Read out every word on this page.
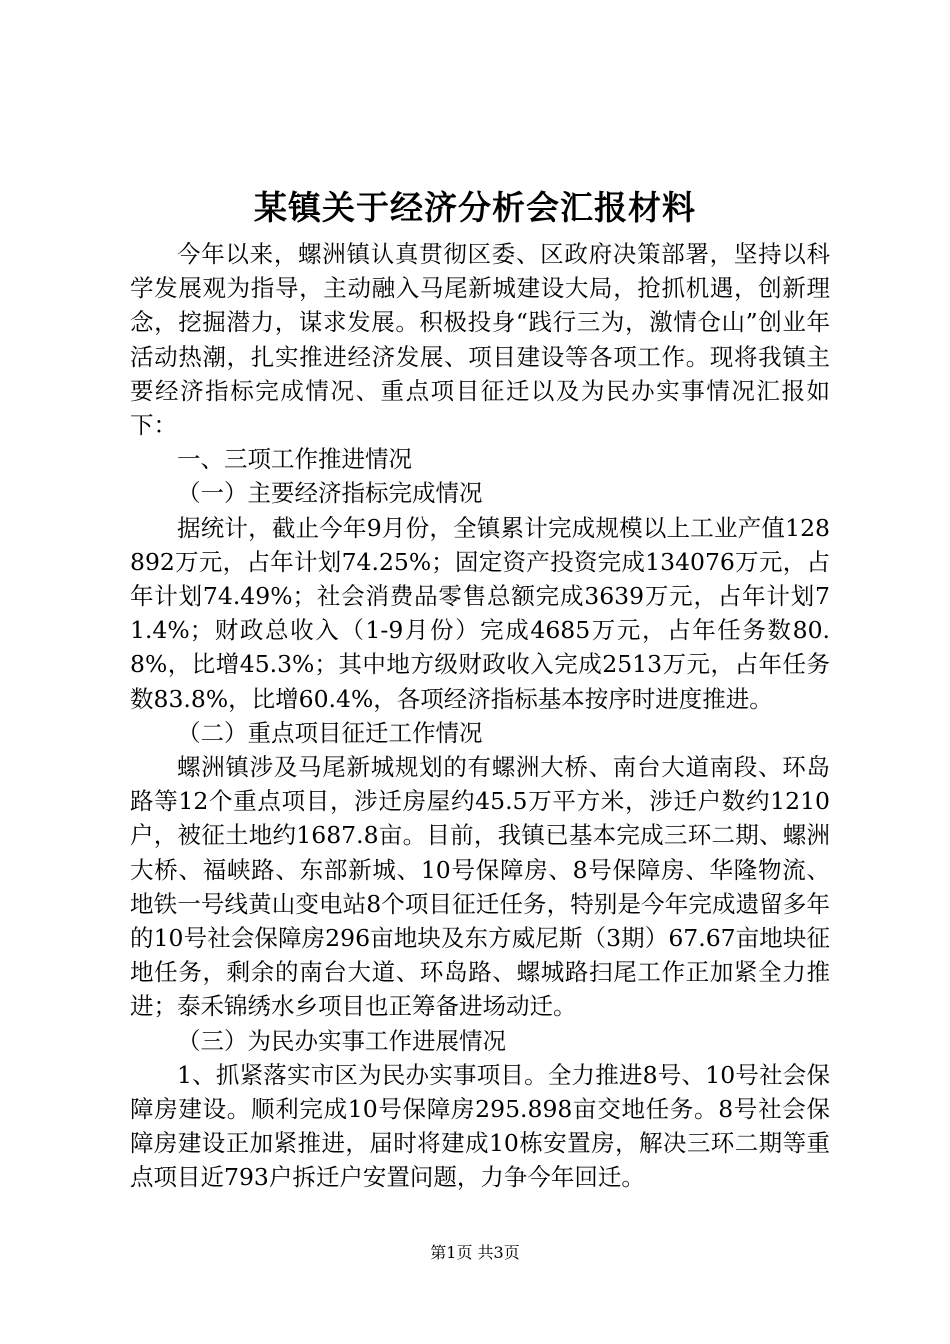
某镇关于经济分析会汇报材料

今年以来，螺洲镇认真贯彻区委、区政府决策部署，坚持以科学发展观为指导，主动融入马尾新城建设大局，抢抓机遇，创新理念，挖掘潜力，谋求发展。积极投身“践行三为，激情仓山”创业年活动热潮，扎实推进经济发展、项目建设等各项工作。现将我镇主要经济指标完成情况、重点项目征迁以及为民办实事情况汇报如下：

一、三项工作推进情况

（一）主要经济指标完成情况

据统计，截止今年9月份，全镇累计完成规模以上工业产值128892万元，占年计划74.25%；固定资产投资完成134076万元，占年计划74.49%；社会消费品零售总额完成3639万元，占年计划71.4%；财政总收入（1-9月份）完成4685万元，占年任务数80.8%，比增45.3%；其中地方级财政收入完成2513万元，占年任务数83.8%，比增60.4%，各项经济指标基本按序时进度推进。

（二）重点项目征迁工作情况

螺洲镇涉及马尾新城规划的有螺洲大桥、南台大道南段、环岛路等12个重点项目，涉迁房屋约45.5万平方米，涉迁户数约1210户，被征土地约1687.8亩。目前，我镇已基本完成三环二期、螺洲大桥、福峡路、东部新城、10号保障房、8号保障房、华隆物流、地铁一号线黄山变电站8个项目征迁任务，特别是今年完成遗留多年的10号社会保障房296亩地块及东方威尼斯（3期）67.67亩地块征地任务，剩余的南台大道、环岛路、螺城路扫尾工作正加紧全力推进；泰禾锦绣水乡项目也正筹备进场动迁。

（三）为民办实事工作进展情况

1、抓紧落实市区为民办实事项目。全力推进8号、10号社会保障房建设。顺利完成10号保障房295.898亩交地任务。8号社会保障房建设正加紧推进，届时将建成10栋安置房，解决三环二期等重点项目近793户拆迁户安置问题，力争今年回迁。

第1页 共3页
